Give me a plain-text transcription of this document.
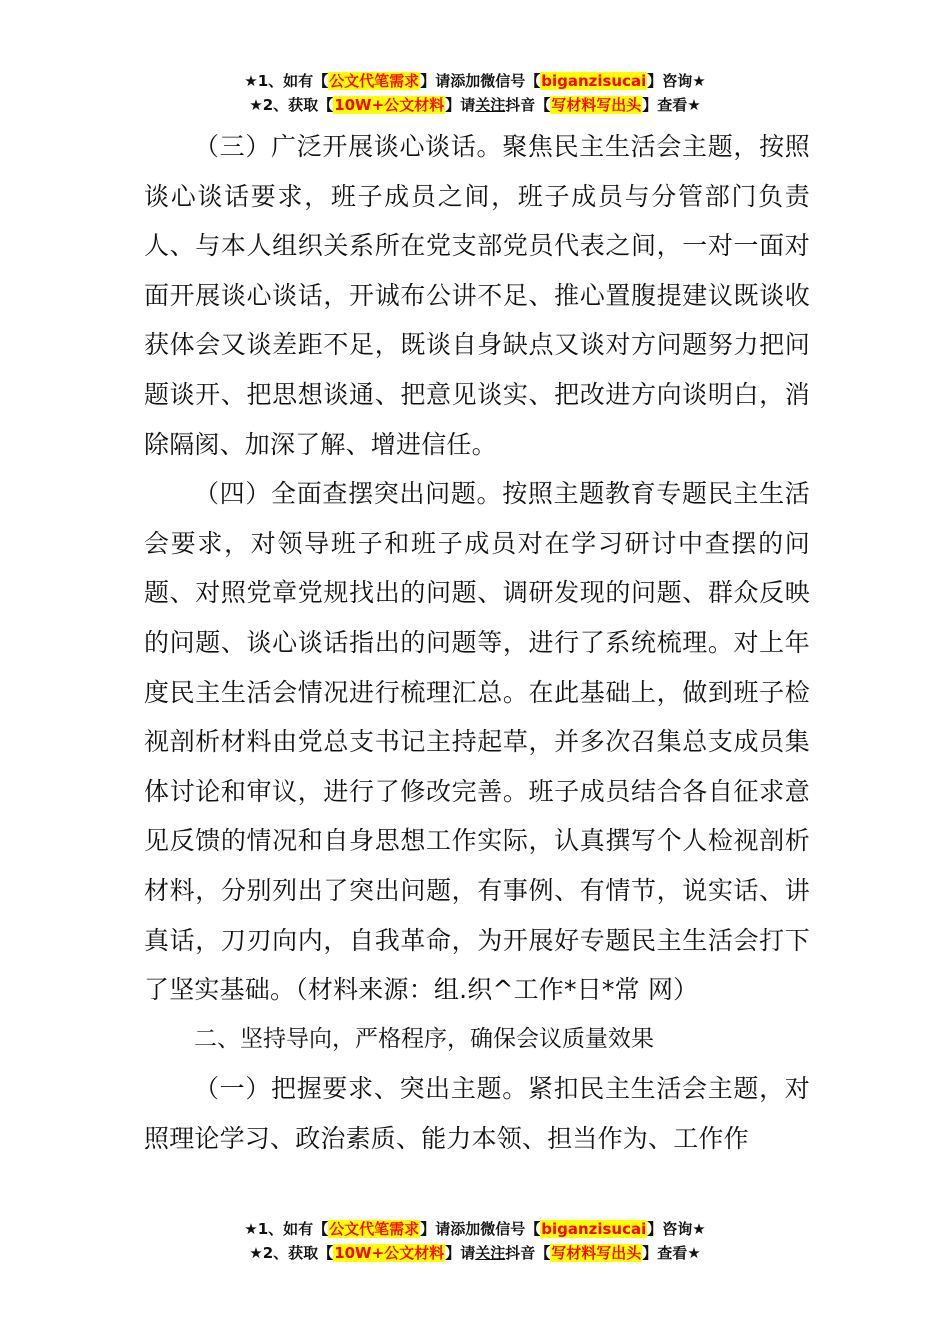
★1、如有【公文代笔需求】请添加微信号【biganzisucai】咨询★
★2、获取【10W+公文材料】请关注抖音【写材料写出头】查看★

（三）广泛开展谈心谈话。聚焦民主生活会主题，按照谈心谈话要求，班子成员之间，班子成员与分管部门负责人、与本人组织关系所在党支部党员代表之间，一对一面对面开展谈心谈话，开诚布公讲不足、推心置腹提建议既谈收获体会又谈差距不足，既谈自身缺点又谈对方问题努力把问题谈开、把思想谈通、把意见谈实、把改进方向谈明白，消除隔阂、加深了解、增进信任。

（四）全面查摆突出问题。按照主题教育专题民主生活会要求，对领导班子和班子成员对在学习研讨中查摆的问题、对照党章党规找出的问题、调研发现的问题、群众反映的问题、谈心谈话指出的问题等，进行了系统梳理。对上年度民主生活会情况进行梳理汇总。在此基础上，做到班子检视剖析材料由党总支书记主持起草，并多次召集总支成员集体讨论和审议，进行了修改完善。班子成员结合各自征求意见反馈的情况和自身思想工作实际，认真撰写个人检视剖析材料，分别列出了突出问题，有事例、有情节，说实话、讲真话，刀刃向内，自我革命，为开展好专题民主生活会打下了坚实基础。（材料来源：组.织^工作*日*常 网）

二、坚持导向，严格程序，确保会议质量效果

（一）把握要求、突出主题。紧扣民主生活会主题，对照理论学习、政治素质、能力本领、担当作为、工作作

★1、如有【公文代笔需求】请添加微信号【biganzisucai】咨询★
★2、获取【10W+公文材料】请关注抖音【写材料写出头】查看★
